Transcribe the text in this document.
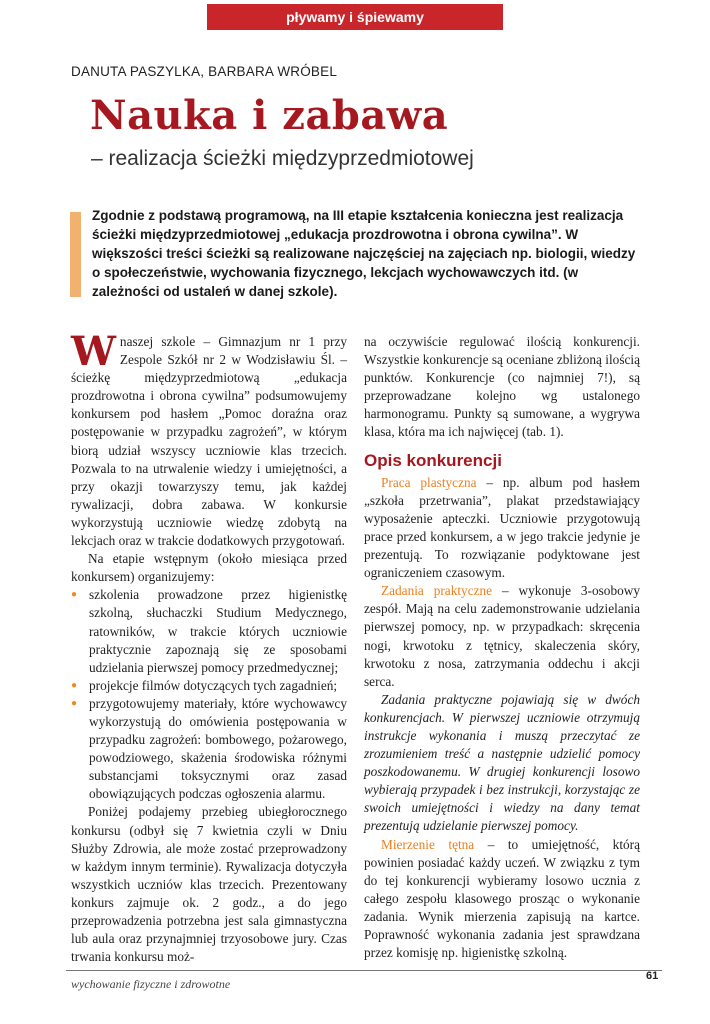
pływamy i śpiewamy
DANUTA PASZYLKA, BARBARA WRÓBEL
Nauka i zabawa
– realizacja ścieżki międzyprzedmiotowej
Zgodnie z podstawą programową, na III etapie kształcenia konieczna jest realizacja ścieżki międzyprzedmiotowej „edukacja prozdrowotna i obrona cywilna”. W większości treści ścieżki są realizowane najczęściej na zajęciach np. biologii, wiedzy o społeczeństwie, wychowania fizycznego, lekcjach wychowawczych itd. (w zależności od ustaleń w danej szkole).

W naszej szkole – Gimnazjum nr 1 przy Zespole Szkół nr 2 w Wodzisławiu Śl. – ścieżkę międzyprzedmiotową „edukacja prozdrowotna i obrona cywilna” podsumowujemy konkursem pod hasłem „Pomoc doraźna oraz postępowanie w przypadku zagrożeń”, w którym biorą udział wszyscy uczniowie klas trzecich. Pozwala to na utrwalenie wiedzy i umiejętności, a przy okazji towarzyszy temu, jak każdej rywalizacji, dobra zabawa. W konkursie wykorzystują uczniowie wiedzę zdobytą na lekcjach oraz w trakcie dodatkowych przygotowań.

Na etapie wstępnym (około miesiąca przed konkursem) organizujemy:

● szkolenia prowadzone przez higienistkę szkolną, słuchaczki Studium Medycznego, ratowników, w trakcie których uczniowie praktycznie zapoznają się ze sposobami udzielania pierwszej pomocy przedmedycznej;
● projekcje filmów dotyczących tych zagadnień;
● przygotowujemy materiały, które wychowawcy wykorzystują do omówienia postępowania w przypadku zagrożeń: bombowego, pożarowego, powodziowego, skażenia środowiska różnymi substancjami toksycznymi oraz zasad obowiązujących podczas ogłoszenia alarmu.

Poniżej podajemy przebieg ubiegłorocznego konkursu (odbył się 7 kwietnia czyli w Dniu Służby Zdrowia, ale może zostać przeprowadzony w każdym innym terminie). Rywalizacja dotyczyła wszystkich uczniów klas trzecich. Prezentowany konkurs zajmuje ok. 2 godz., a do jego przeprowadzenia potrzebna jest sala gimnastyczna lub aula oraz przynajmniej trzyosobowe jury. Czas trwania konkursu moż-

na oczywiście regulować ilością konkurencji. Wszystkie konkurencje są oceniane zbliżoną ilością punktów. Konkurencje (co najmniej 7!), są przeprowadzane kolejno wg ustalonego harmonogramu. Punkty są sumowane, a wygrywa klasa, która ma ich najwięcej (tab. 1).

Opis konkurencji

Praca plastyczna – np. album pod hasłem „szkoła przetrwania”, plakat przedstawiający wyposażenie apteczki. Uczniowie przygotowują prace przed konkursem, a w jego trakcie jedynie je prezentują. To rozwiązanie podyktowane jest ograniczeniem czasowym.

Zadania praktyczne – wykonuje 3-osobowy zespół. Mają na celu zademonstrowanie udzielania pierwszej pomocy, np. w przypadkach: skręcenia nogi, krwotoku z tętnicy, skaleczenia skóry, krwotoku z nosa, zatrzymania oddechu i akcji serca.

Zadania praktyczne pojawiają się w dwóch konkurencjach. W pierwszej uczniowie otrzymują instrukcje wykonania i muszą przeczytać ze zrozumieniem treść a następnie udzielić pomocy poszkodowanemu. W drugiej konkurencji losowo wybierają przypadek i bez instrukcji, korzystając ze swoich umiejętności i wiedzy na dany temat prezentują udzielanie pierwszej pomocy.

Mierzenie tętna – to umiejętność, którą powinien posiadać każdy uczeń. W związku z tym do tej konkurencji wybieramy losowo ucznia z całego zespołu klasowego prosząc o wykonanie zadania. Wynik mierzenia zapisują na kartce. Poprawność wykonania zadania jest sprawdzana przez komisję np. higienistkę szkolną.

wychowanie fizyczne i zdrowotne
61
